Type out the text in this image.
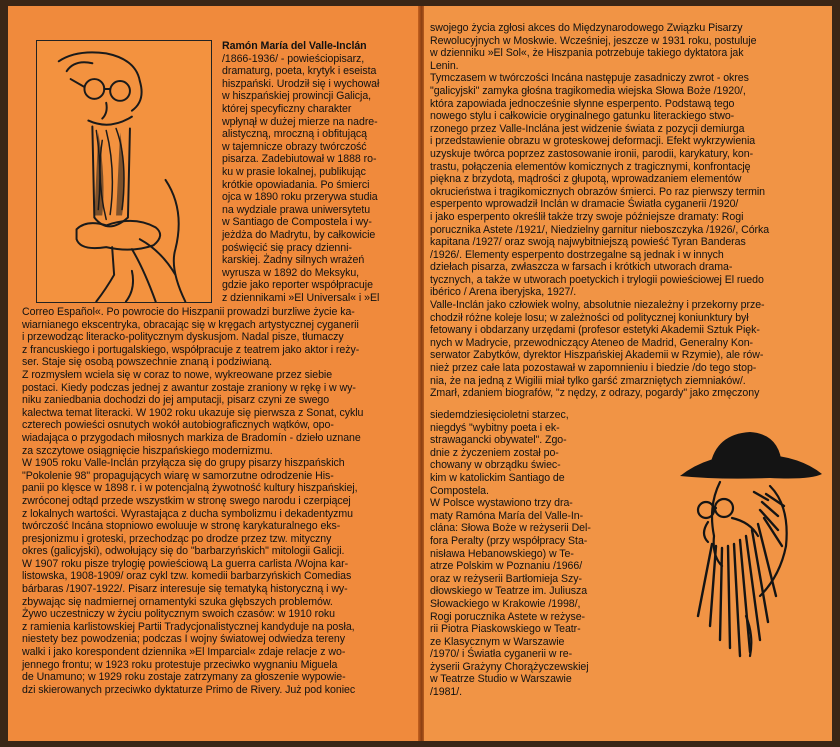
Ramón María del Valle-Inclán

/1866-1936/ - powieściopisarz,
dramaturg, poeta, krytyk i eseista
hiszpański. Urodził się i wychował
w hiszpańskiej prowincji Galicja,
której specyficzny charakter
wpłynął w dużej mierze na nadre-
alistyczną, mroczną i obfitującą
w tajemnicze obrazy twórczość
pisarza. Zadebiutował w 1888 ro-
ku w prasie lokalnej, publikując
krótkie opowiadania. Po śmierci
ojca w 1890 roku przerywa studia
na wydziale prawa uniwersytetu
w Santiago de Compostela i wy-
jeżdża do Madrytu, by całkowicie
poświęcić się pracy dzienni-
karskiej. Żadny silnych wrażeń
wyrusza w 1892 do Meksyku,
gdzie jako reporter współpracuje
z dziennikami »El Universal« i »El
Correo Español«. Po powrocie do Hiszpanii prowadzi burzliwe życie ka-
wiarnianego ekscentryka, obracając się w kręgach artystycznej cyganerii
i przewodząc literacko-politycznym dyskusjom. Nadal pisze, tłumaczy
z francuskiego i portugalskiego, współpracuje z teatrem jako aktor i reży-
ser. Staje się osobą powszechnie znaną i podziwianą.
Z rozmysłem wciela się w coraz to nowe, wykreowane przez siebie
postaci. Kiedy podczas jednej z awantur zostaje zraniony w rękę i w wy-
niku zaniedbania dochodzi do jej amputacji, pisarz czyni ze swego
kalectwa temat literacki. W 1902 roku ukazuje się pierwsza z Sonat, cyklu
czterech powieści osnutych wokół autobiograficznych wątków, opo-
wiadająca o przygodach miłosnych markiza de Bradomín - dzieło uznane
za szczytowe osiągnięcie hiszpańskiego modernizmu.
W 1905 roku Valle-Inclán przyłącza się do grupy pisarzy hiszpańskich
"Pokolenie 98" propagujących wiarę w samorzutne odrodzenie His-
panii po klęsce w 1898 r. i w potencjalną żywotność kultury hiszpańskiej,
zwróconej odtąd przede wszystkim w stronę swego narodu i czerpiącej
z lokalnych wartości. Wyrastająca z ducha symbolizmu i dekadentyzmu
twórczość Incána stopniowo ewoluuje w stronę karykaturalnego eks-
presjonizmu i groteski, przechodząc po drodze przez tzw. mityczny
okres (galicyjski), odwołujący się do "barbarzyńskich" mitologii Galicji.
W 1907 roku pisze trylogię powieściową La guerra carlista /Wojna kar-
listowska, 1908-1909/ oraz cykl tzw. komedii barbarzyńskich Comedias
bárbaras /1907-1922/. Pisarz interesuje się tematyką historyczną i wy-
zbywając się nadmiernej ornamentyki szuka głębszych problemów.
Żywo uczestniczy w życiu politycznym swoich czasów: w 1910 roku
z ramienia karlistowskiej Partii Tradycjonalistycznej kandyduje na posła,
niestety bez powodzenia; podczas I wojny światowej odwiedza tereny
walki i jako korespondent dziennika »El Imparcial« zdaje relacje z wo-
jennego frontu; w 1923 roku protestuje przeciwko wygnaniu Miguela
de Unamuno; w 1929 roku zostaje zatrzymany za głoszenie wypowie-
dzi skierowanych przeciwko dyktaturze Primo de Rivery. Już pod koniec
swojego życia zgłosi akces do Międzynarodowego Związku Pisarzy
Rewolucyjnych w Moskwie. Wcześniej, jeszcze w 1931 roku, postuluje
w dzienniku »El Sol«, że Hiszpania potrzebuje takiego dyktatora jak
Lenin.
Tymczasem w twórczości Incána następuje zasadniczy zwrot - okres
"galicyjski" zamyka głośna tragikomedia wiejska Słowa Boże /1920/,
która zapowiada jednocześnie słynne esperpento. Podstawą tego
nowego stylu i całkowicie oryginalnego gatunku literackiego stwo-
rzonego przez Valle-Inclána jest widzenie świata z pozycji demiurga
i przedstawienie obrazu w groteskowej deformacji. Efekt wykrzywienia
uzyskuje twórca poprzez zastosowanie ironii, parodii, karykatury, kon-
trastu, połączenia elementów komicznych z tragicznymi, konfrontację
piękna z brzydotą, mądrości z głupotą, wprowadzaniem elementów
okrucieństwa i tragikomicznych obrazów śmierci. Po raz pierwszy termin
esperpento wprowadził Inclán w dramacie Światła cyganerii /1920/
i jako esperpento określił także trzy swoje późniejsze dramaty: Rogi
porucznika Astete /1921/, Niedzielny garnitur nieboszczyka /1926/, Córka
kapitana /1927/ oraz swoją najwybitniejszą powieść Tyran Banderas
/1926/. Elementy esperpento dostrzegalne są jednak i w innych
dziełach pisarza, zwłaszcza w farsach i krótkich utworach drama-
tycznych, a także w utworach poetyckich i trylogii powieściowej El ruedo
ibérico / Arena iberyjska, 1927/.
Valle-Inclán jako człowiek wolny, absolutnie niezależny i przekorny prze-
chodził różne koleje losu; w zależności od politycznej koniunktury był
fetowany i obdarzany urzędami (profesor estetyki Akademii Sztuk Pięk-
nych w Madrycie, przewodniczący Ateneo de Madrid, Generalny Kon-
serwator Zabytków, dyrektor Hiszpańskiej Akademii w Rzymie), ale rów-
nież przez całe lata pozostawał w zapomnieniu i biedzie /do tego stop-
nia, że na jedną z Wigilii miał tylko garść zmarzniętych ziemniaków/.
Zmarł, zdaniem biografów, "z nędzy, z odrazy, pogardy" jako zmęczony
siedemdziesięcioletni starzec,
niegdyś "wybitny poeta i ek-
strawagancki obywatel". Zgo-
dnie z życzeniem został po-
chowany w obrządku świec-
kim w katolickim Santiago de
Compostela.
W Polsce wystawiono trzy dra-
maty Ramóna María del Valle-In-
clána: Słowa Boże w reżyserii Del-
fora Peralty (przy współpracy Sta-
nisława Hebanowskiego) w Te-
atrze Polskim w Poznaniu /1966/
oraz w reżyserii Bartłomieja Szy-
dłowskiego w Teatrze im. Juliusza
Słowackiego w Krakowie /1998/,
Rogi porucznika Astete w reżyse-
rii Piotra Piaskowskiego w Teatr-
ze Klasycznym w Warszawie
/1970/ i Światła cyganerii w re-
żyserii Grażyny Chorążyczewskiej
w Teatrze Studio w Warszawie
/1981/.
